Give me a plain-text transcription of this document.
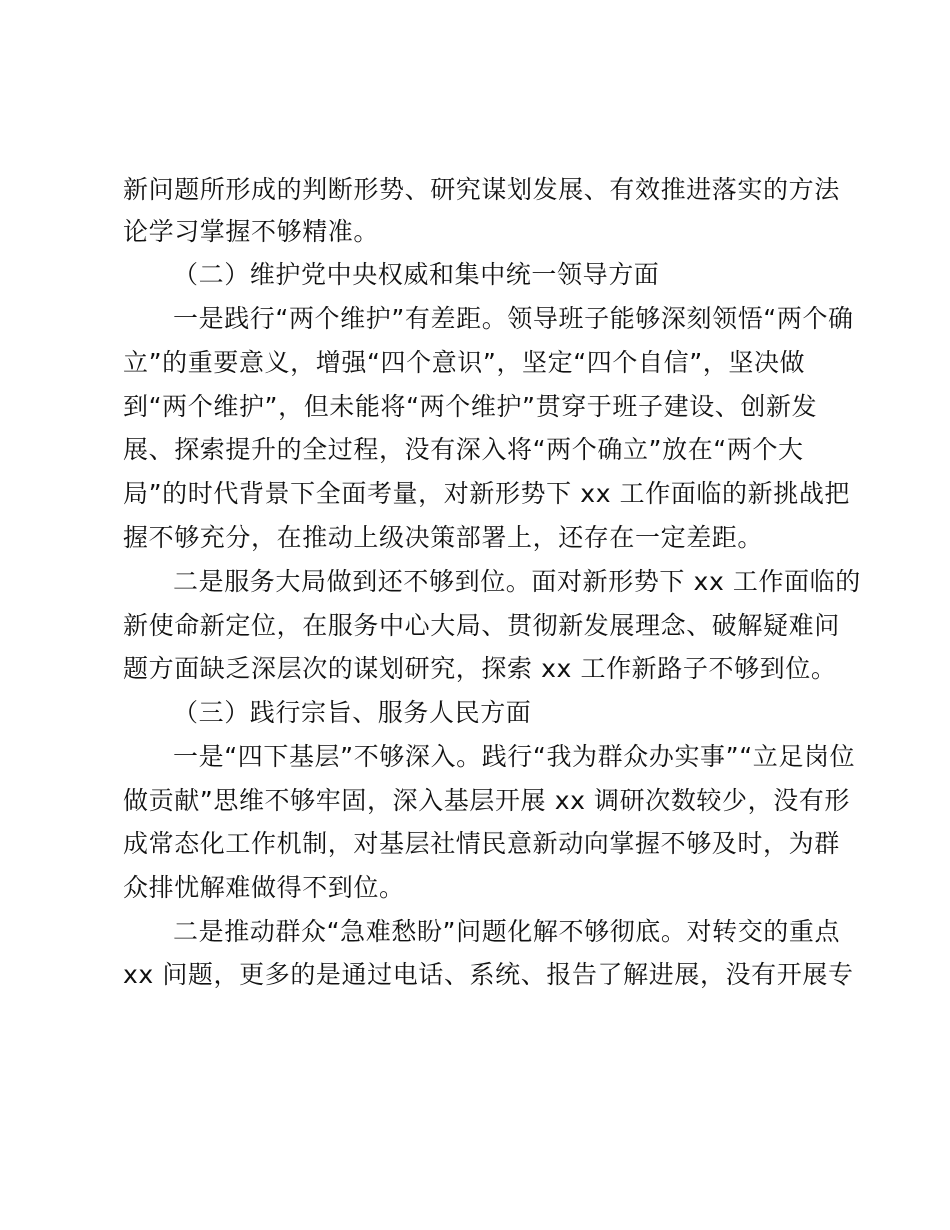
新问题所形成的判断形势、研究谋划发展、有效推进落实的方法
论学习掌握不够精准。
（二）维护党中央权威和集中统一领导方面
一是践行“两个维护”有差距。领导班子能够深刻领悟“两个确
立”的重要意义，增强“四个意识”，坚定“四个自信”，坚决做
到“两个维护”，但未能将“两个维护”贯穿于班子建设、创新发
展、探索提升的全过程，没有深入将“两个确立”放在“两个大
局”的时代背景下全面考量，对新形势下 xx 工作面临的新挑战把
握不够充分，在推动上级决策部署上，还存在一定差距。
二是服务大局做到还不够到位。面对新形势下 xx 工作面临的
新使命新定位，在服务中心大局、贯彻新发展理念、破解疑难问
题方面缺乏深层次的谋划研究，探索 xx 工作新路子不够到位。
（三）践行宗旨、服务人民方面
一是“四下基层”不够深入。践行“我为群众办实事”“立足岗位
做贡献”思维不够牢固，深入基层开展 xx 调研次数较少，没有形
成常态化工作机制，对基层社情民意新动向掌握不够及时，为群
众排忧解难做得不到位。
二是推动群众“急难愁盼”问题化解不够彻底。对转交的重点
xx 问题，更多的是通过电话、系统、报告了解进展，没有开展专
